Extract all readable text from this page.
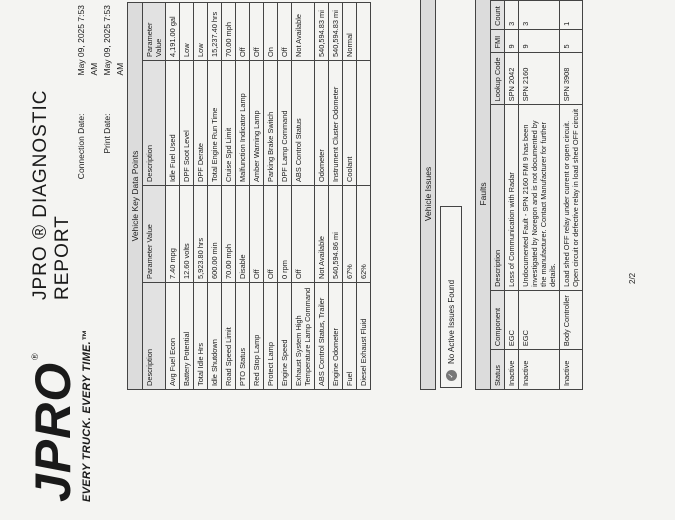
JPRO
®	EVERY TRUCK. EVERY TIME.™
JPRO ® DIAGNOSTIC REPORT
Connection Date:
May 09, 2025 7:53 AM
Print Date:
May 09, 2025 7:53 AM
Vehicle Key Data Points
Description	Parameter Value	Description	Parameter Value
Avg Fuel Econ	7.40 mpg	Idle Fuel Used	4,191.00 gal
Battery Potential	12.60 volts	DPF Soot Level	Low
Total Idle Hrs	5,923.80 hrs	DPF Derate	Low
Idle Shutdown	600.00 min	Total Engine Run Time	15,237.40 hrs
Road Speed Limit	70.00 mph	Cruise Spd Limit	70.00 mph
PTO Status	Disable	Malfunction Indicator Lamp	Off
Red Stop Lamp	Off	Amber Warning Lamp	Off
Protect Lamp	Off	Parking Brake Switch	On
Engine Speed	0 rpm	DPF Lamp Command	Off
Exhaust System High Temperature Lamp Command	Off	ABS Control Status	Not Available
ABS Control Status, Trailer	Not Available	Odometer	540,594.83 mi
Engine Odometer	540,594.86 mi	Instrument Cluster Odometer	540,594.83 mi
Fuel	67%	Coolant	Normal
Diesel Exhaust Fluid	62%		
Vehicle Issues
✓
No Active Issues Found
Faults
Status	Component	Description	Lookup Code	FMI	Count
Inactive	EGC	Loss of Communication with Radar	SPN 2042	9	3
Inactive	EGC	Undocumented Fault - SPN 2160 FMI 9 has been investigated by Noregon and is not documented by the manufacturer. Contact Manufacturer for further details.	SPN 2160	9	3
Inactive	Body Controller	Load shed OFF relay under current or open circuit. Open circuit or defective relay in load shed OFF circuit	SPN 3908	5	1
2/2
